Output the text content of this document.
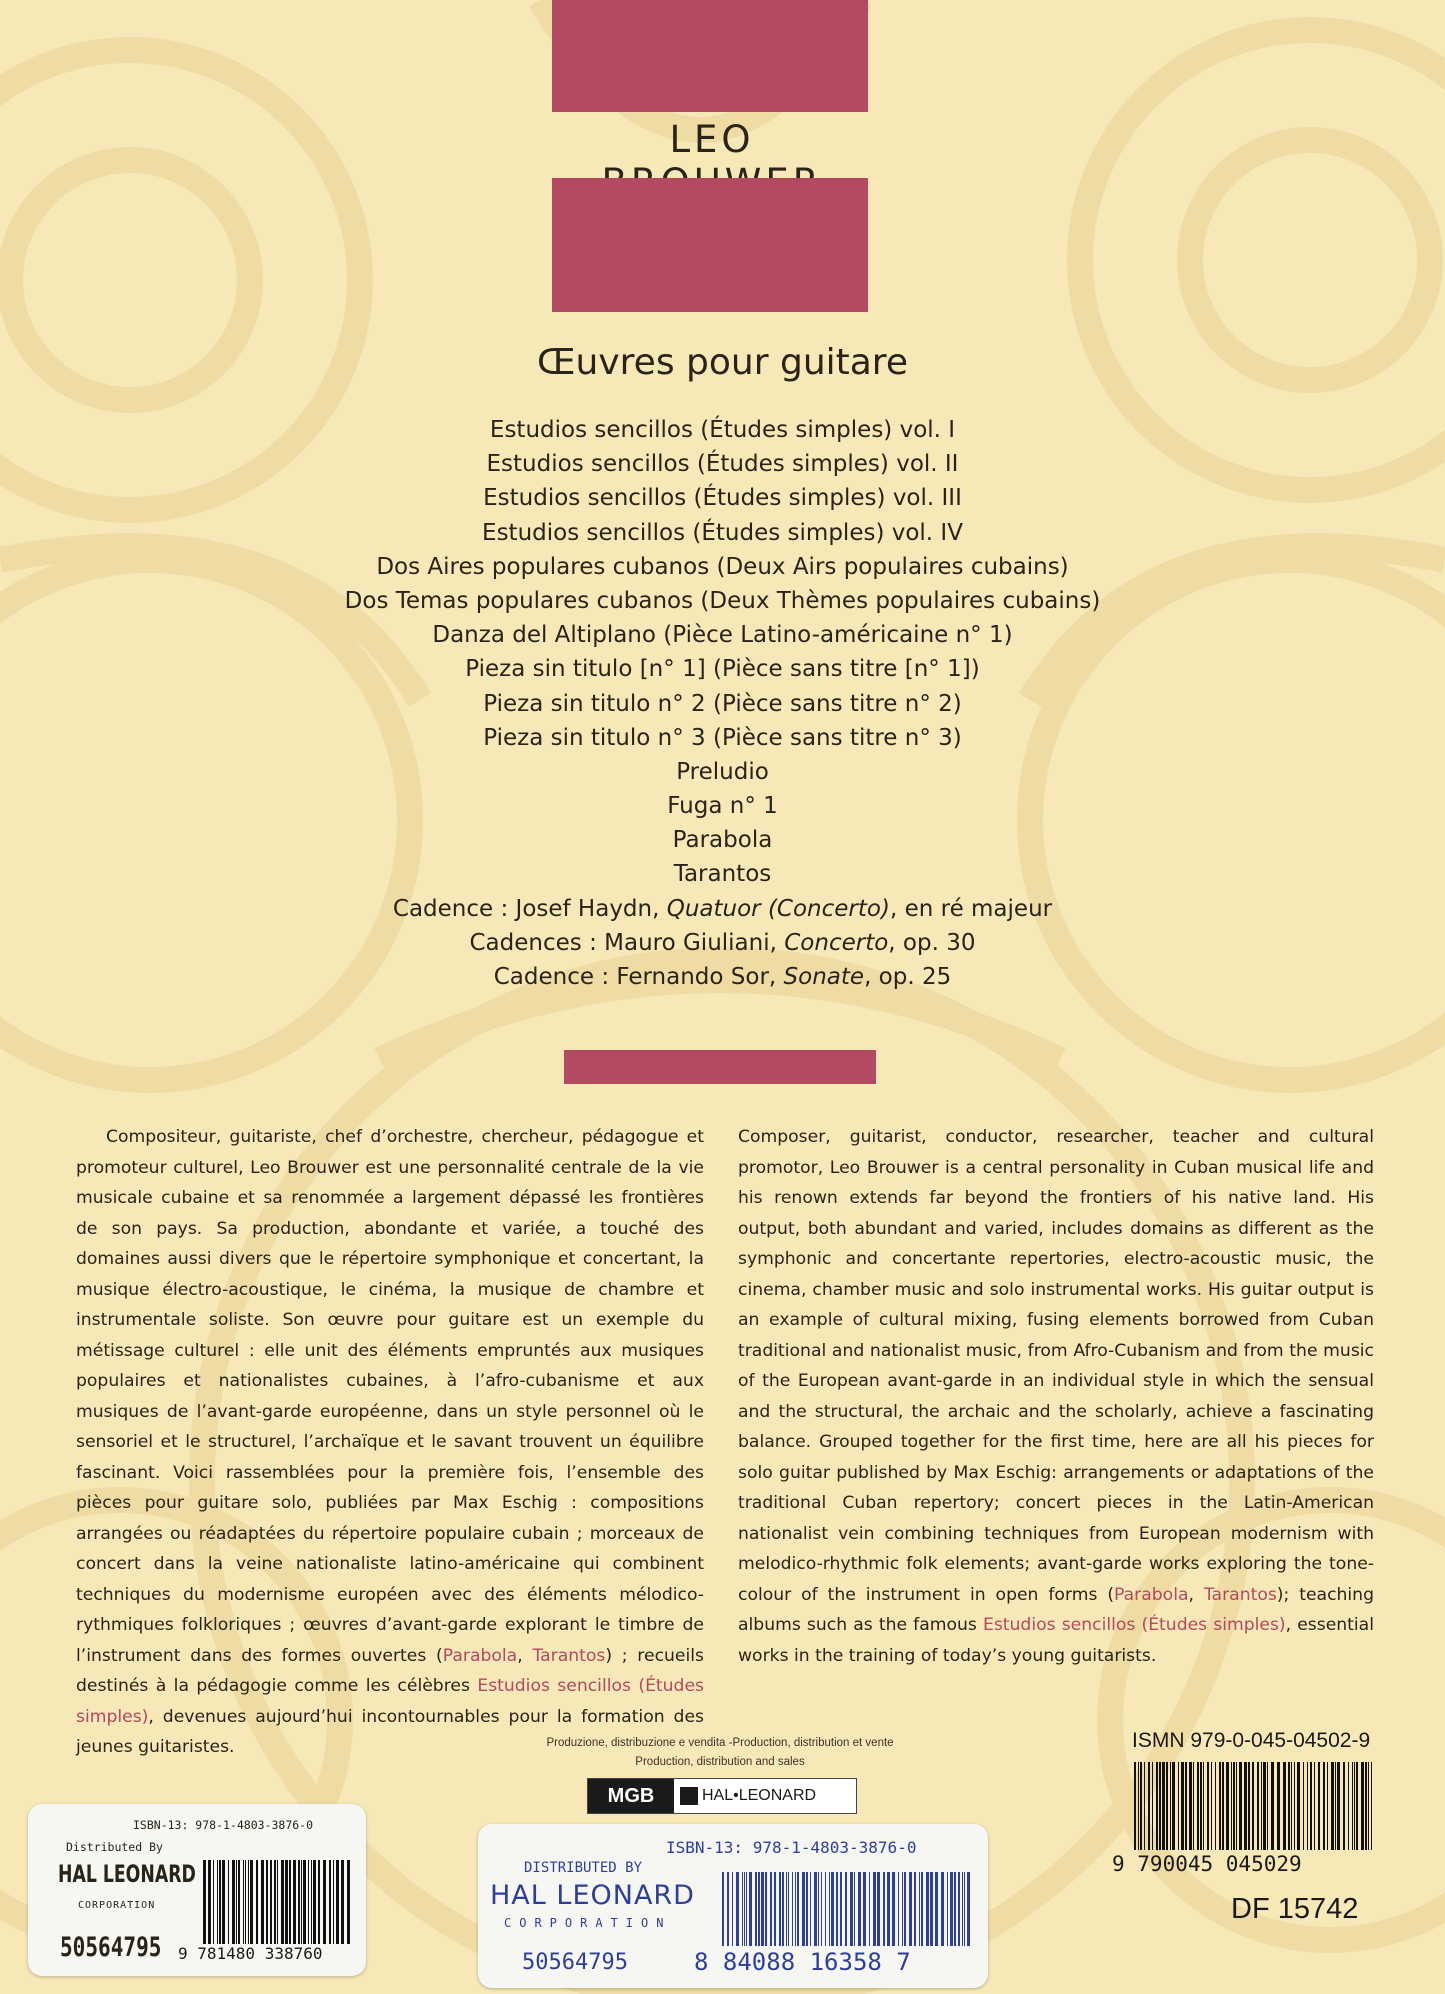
LEO
Œuvres pour guitare
Estudios sencillos (Études simples) vol. I
Estudios sencillos (Études simples) vol. II
Estudios sencillos (Études simples) vol. III
Estudios sencillos (Études simples) vol. IV
Dos Aires populares cubanos (Deux Airs populaires cubains)
Dos Temas populares cubanos (Deux Thèmes populaires cubains)
Danza del Altiplano (Pièce Latino-américaine n° 1)
Pieza sin titulo [n° 1] (Pièce sans titre [n° 1])
Pieza sin titulo n° 2 (Pièce sans titre n° 2)
Pieza sin titulo n° 3 (Pièce sans titre n° 3)
Preludio
Fuga n° 1
Parabola
Tarantos
Cadence : Josef Haydn, Quatuor (Concerto), en ré majeur
Cadences : Mauro Giuliani, Concerto, op. 30
Cadence : Fernando Sor, Sonate, op. 25

Compositeur, guitariste, chef d’orchestre, chercheur, pédagogue et promoteur culturel, Leo Brouwer est une personnalité centrale de la vie musicale cubaine et sa renommée a largement dépassé les frontières de son pays. Sa production, abondante et variée, a touché des domaines aussi divers que le répertoire symphonique et concertant, la musique électro-acoustique, le cinéma, la musique de chambre et instrumentale soliste. Son œuvre pour guitare est un exemple du métissage culturel : elle unit des éléments empruntés aux musiques populaires et nationalistes cubaines, à l’afro-cubanisme et aux musiques de l’avant-garde européenne, dans un style personnel où le sensoriel et le structurel, l’archaïque et le savant trouvent un équilibre fascinant. Voici rassemblées pour la première fois, l’ensemble des pièces pour guitare solo, publiées par Max Eschig : compositions arrangées ou réadaptées du répertoire populaire cubain ; morceaux de concert dans la veine nationaliste latino-américaine qui combinent techniques du modernisme européen avec des éléments mélodico-rythmiques folkloriques ; œuvres d’avant-garde explorant le timbre de l’instrument dans des formes ouvertes (Parabola, Tarantos) ; recueils destinés à la pédagogie comme les célèbres Estudios sencillos (Études simples), devenues aujourd’hui incontournables pour la formation des jeunes guitaristes.

Composer, guitarist, conductor, researcher, teacher and cultural promotor, Leo Brouwer is a central personality in Cuban musical life and his renown extends far beyond the frontiers of his native land. His output, both abundant and varied, includes domains as different as the symphonic and concertante repertories, electro-acoustic music, the cinema, chamber music and solo instrumental works. His guitar output is an example of cultural mixing, fusing elements borrowed from Cuban traditional and nationalist music, from Afro-Cubanism and from the music of the European avant-garde in an individual style in which the sensual and the structural, the archaic and the scholarly, achieve a fascinating balance. Grouped together for the first time, here are all his pieces for solo guitar published by Max Eschig: arrangements or adaptations of the traditional Cuban repertory; concert pieces in the Latin-American nationalist vein combining techniques from European modernism with melodico-rhythmic folk elements; avant-garde works exploring the tone-colour of the instrument in open forms (Parabola, Tarantos); teaching albums such as the famous Estudios sencillos (Études simples), essential works in the training of today’s young guitarists.

Produzione, distribuzione e vendita -Production, distribution et vente
Production, distribution and sales
MGB	HAL•LEONARD
ISMN 979-0-045-04502-9
9 790045 045029
DF 15742
ISBN-13: 978-1-4803-3876-0
Distributed By
HAL LEONARD
CORPORATION
50564795 9 781480 338760
ISBN-13: 978-1-4803-3876-0
DISTRIBUTED BY
HAL LEONARD
CORPORATION
50564795	8 84088 16358 7
